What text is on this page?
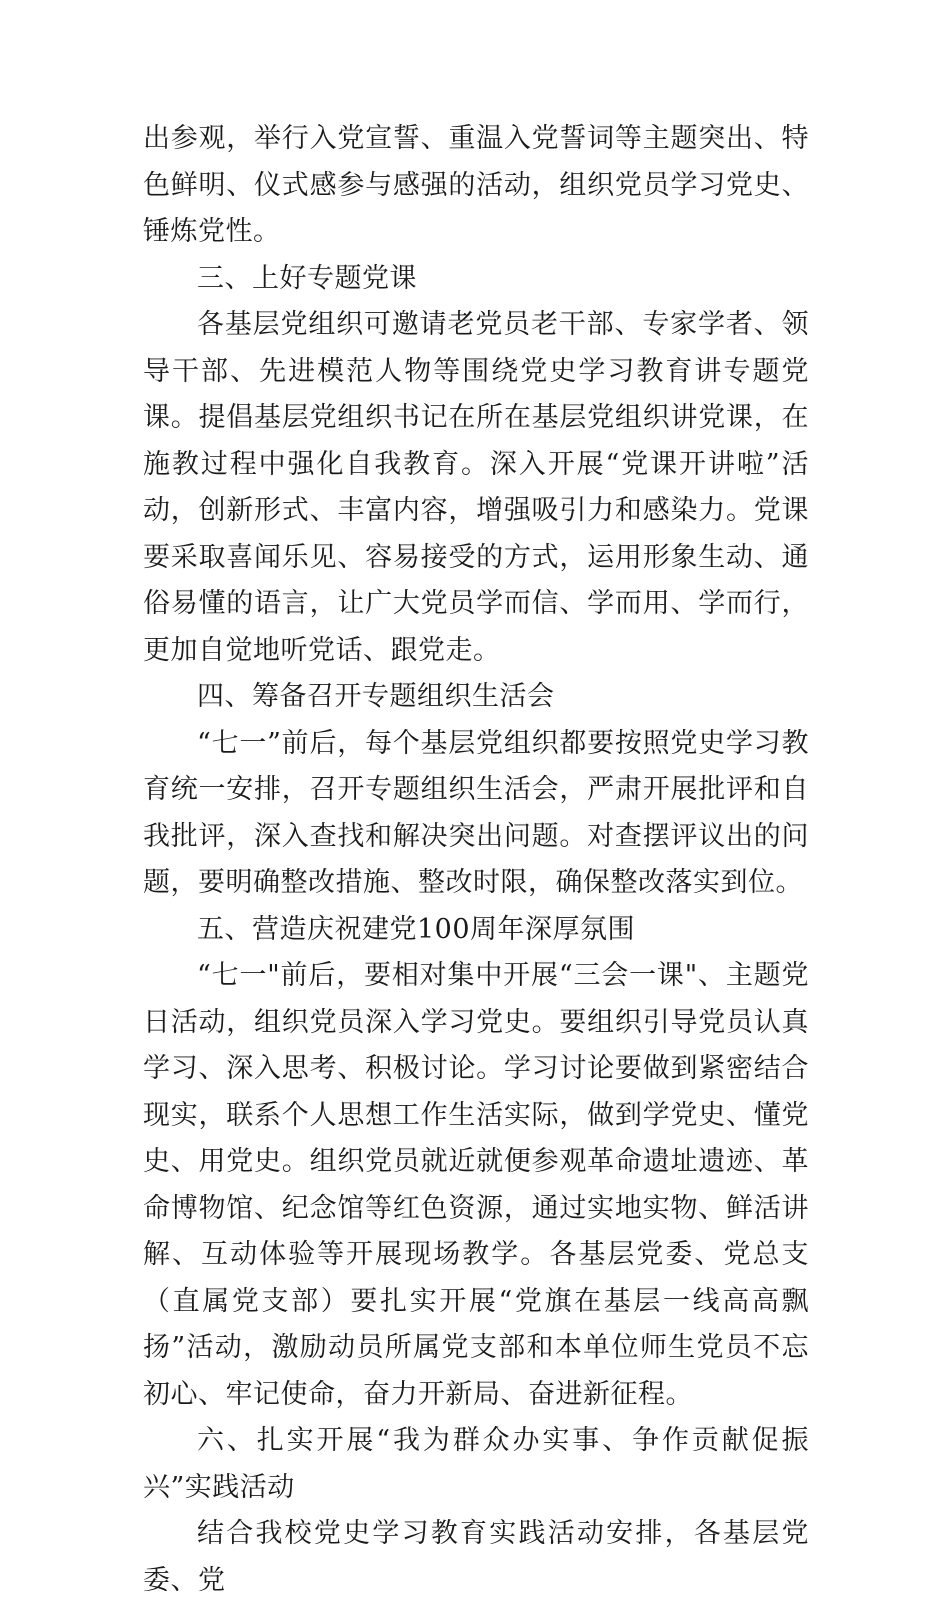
出参观，举行入党宣誓、重温入党誓词等主题突出、特色鲜明、仪式感参与感强的活动，组织党员学习党史、锤炼党性。

三、上好专题党课

各基层党组织可邀请老党员老干部、专家学者、领导干部、先进模范人物等围绕党史学习教育讲专题党课。提倡基层党组织书记在所在基层党组织讲党课，在施教过程中强化自我教育。深入开展“党课开讲啦”活动，创新形式、丰富内容，增强吸引力和感染力。党课要采取喜闻乐见、容易接受的方式，运用形象生动、通俗易懂的语言，让广大党员学而信、学而用、学而行，更加自觉地听党话、跟党走。

四、筹备召开专题组织生活会

“七一”前后，每个基层党组织都要按照党史学习教育统一安排，召开专题组织生活会，严肃开展批评和自我批评，深入查找和解决突出问题。对查摆评议出的问题，要明确整改措施、整改时限，确保整改落实到位。

五、营造庆祝建党100周年深厚氛围

“七一"前后，要相对集中开展“三会一课"、主题党日活动，组织党员深入学习党史。要组织引导党员认真学习、深入思考、积极讨论。学习讨论要做到紧密结合现实，联系个人思想工作生活实际，做到学党史、懂党史、用党史。组织党员就近就便参观革命遗址遗迹、革命博物馆、纪念馆等红色资源，通过实地实物、鲜活讲解、互动体验等开展现场教学。各基层党委、党总支（直属党支部）要扎实开展“党旗在基层一线高高飘扬”活动，激励动员所属党支部和本单位师生党员不忘初心、牢记使命，奋力开新局、奋进新征程。

六、扎实开展“我为群众办实事、争作贡献促振兴”实践活动

结合我校党史学习教育实践活动安排，各基层党委、党
